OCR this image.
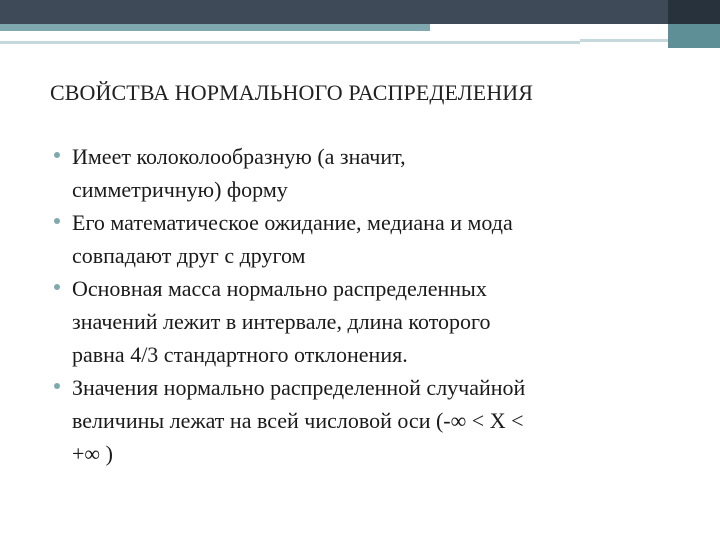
СВОЙСТВА НОРМАЛЬНОГО РАСПРЕДЕЛЕНИЯ
Имеет колоколообразную (а значит,
симметричную) форму
Его математическое ожидание, медиана и мода
совпадают друг с другом
Основная масса нормально распределенных
значений лежит в интервале, длина которого
равна 4/3 стандартного отклонения.
Значения нормально распределенной случайной
величины лежат на всей числовой оси (-∞ < X <
+∞ )
